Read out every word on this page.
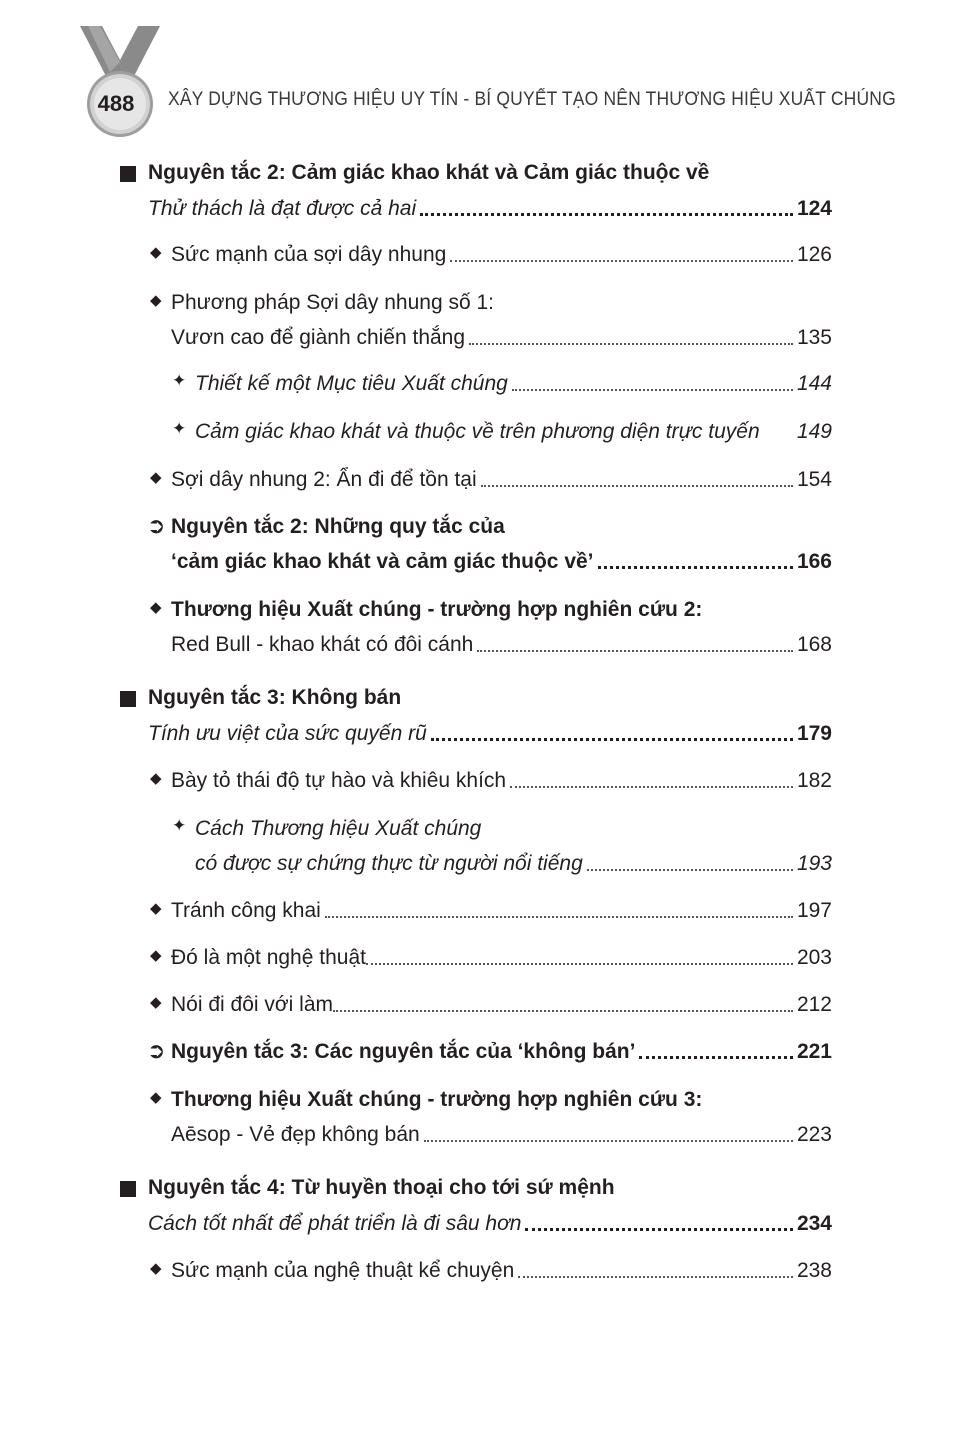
488	XÂY DỰNG THƯƠNG HIỆU UY TÍN - BÍ QUYẾT TẠO NÊN THƯƠNG HIỆU XUẤT CHÚNG
Nguyên tắc 2: Cảm giác khao khát và Cảm giác thuộc về
Thử thách là đạt được cả hai	124
◆ Sức mạnh của sợi dây nhung	126
◆ Phương pháp Sợi dây nhung số 1:
Vươn cao để giành chiến thắng	135
✦ Thiết kế một Mục tiêu Xuất chúng	144
✦ Cảm giác khao khát và thuộc về trên phương diện trực tuyến 149
◆ Sợi dây nhung 2: Ẩn đi để tồn tại	154
➲ Nguyên tắc 2: Những quy tắc của
‘cảm giác khao khát và cảm giác thuộc về’	166
◆ Thương hiệu Xuất chúng - trường hợp nghiên cứu 2:
Red Bull - khao khát có đôi cánh	168
Nguyên tắc 3: Không bán
Tính ưu việt của sức quyến rũ	179
◆ Bày tỏ thái độ tự hào và khiêu khích	182
✦ Cách Thương hiệu Xuất chúng
có được sự chứng thực từ người nổi tiếng	193
◆ Tránh công khai	197
◆ Đó là một nghệ thuật	203
◆ Nói đi đôi với làm	212
➲ Nguyên tắc 3: Các nguyên tắc của ‘không bán’	221
◆ Thương hiệu Xuất chúng - trường hợp nghiên cứu 3:
Aēsop - Vẻ đẹp không bán	223
Nguyên tắc 4: Từ huyền thoại cho tới sứ mệnh
Cách tốt nhất để phát triển là đi sâu hơn	234
◆ Sức mạnh của nghệ thuật kể chuyện	238
